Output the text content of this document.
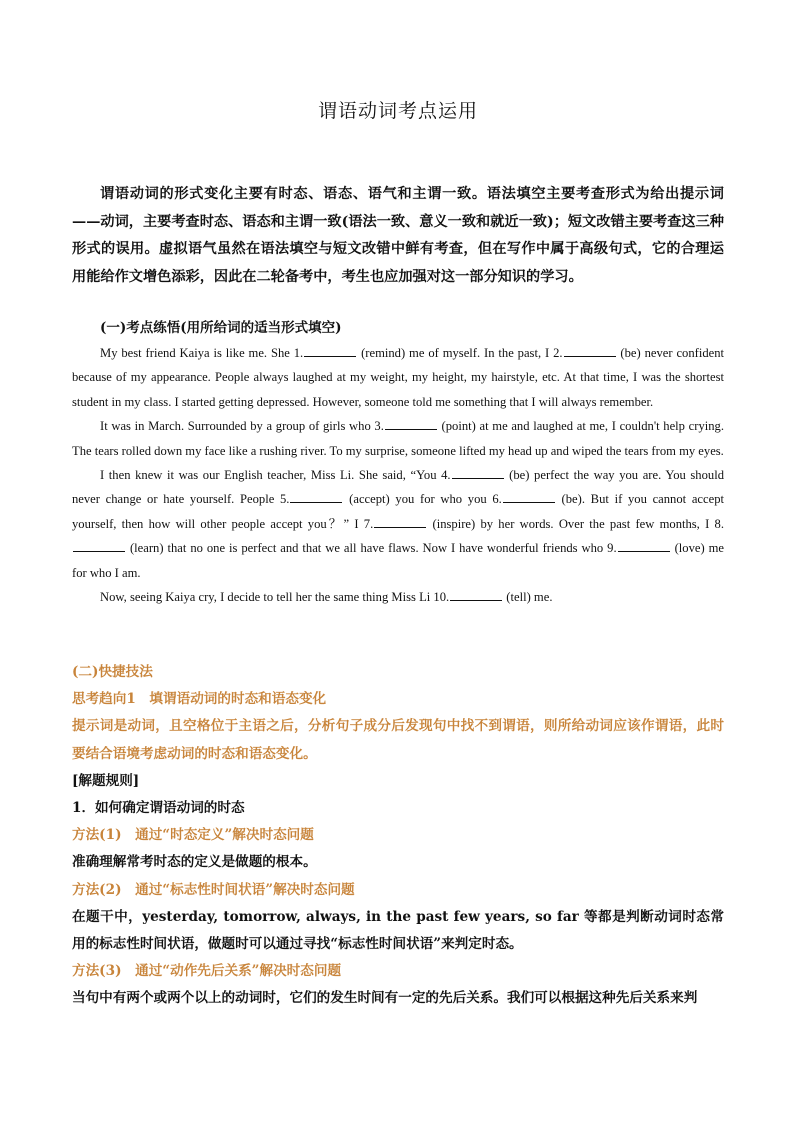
谓语动词考点运用

谓语动词的形式变化主要有时态、语态、语气和主谓一致。语法填空主要考查形式为给出提示词——动词，主要考查时态、语态和主谓一致(语法一致、意义一致和就近一致)；短文改错主要考查这三种形式的误用。虚拟语气虽然在语法填空与短文改错中鲜有考查，但在写作中属于高级句式，它的合理运用能给作文增色添彩，因此在二轮备考中，考生也应加强对这一部分知识的学习。

(一)考点练悟(用所给词的适当形式填空)

My best friend Kaiya is like me. She 1.	(remind) me of myself. In the past, I 2.	(be) never confident because of my appearance. People always laughed at my weight, my height, my hairstyle, etc. At that time, I was the shortest student in my class. I started getting depressed. However, someone told me something that I will always remember.

It was in March. Surrounded by a group of girls who 3.	(point) at me and laughed at me, I couldn't help crying. The tears rolled down my face like a rushing river. To my surprise, someone lifted my head up and wiped the tears from my eyes.

I then knew it was our English teacher, Miss Li. She said, “You 4.	(be) perfect the way you are. You should never change or hate yourself. People 5.	(accept) you for who you 6.	(be). But if you cannot accept yourself, then how will other people accept you？” I 7.	(inspire) by her words. Over the past few months, I 8. (learn) that no one is perfect and that we all have flaws. Now I have wonderful friends who 9.	(love) me for who I am.

Now, seeing Kaiya cry, I decide to tell her the same thing Miss Li 10.	(tell) me.

(二)快捷技法

思考趋向1　填谓语动词的时态和语态变化

提示词是动词，且空格位于主语之后，分析句子成分后发现句中找不到谓语，则所给动词应该作谓语，此时要结合语境考虑动词的时态和语态变化。

[解题规则]

1．如何确定谓语动词的时态

方法(1)　通过“时态定义”解决时态问题

准确理解常考时态的定义是做题的根本。

方法(2)　通过“标志性时间状语”解决时态问题

在题干中，yesterday, tomorrow, always, in the past few years, so far 等都是判断动词时态常用的标志性时间状语，做题时可以通过寻找“标志性时间状语”来判定时态。

方法(3)　通过“动作先后关系”解决时态问题

当句中有两个或两个以上的动词时，它们的发生时间有一定的先后关系。我们可以根据这种先后关系来判
